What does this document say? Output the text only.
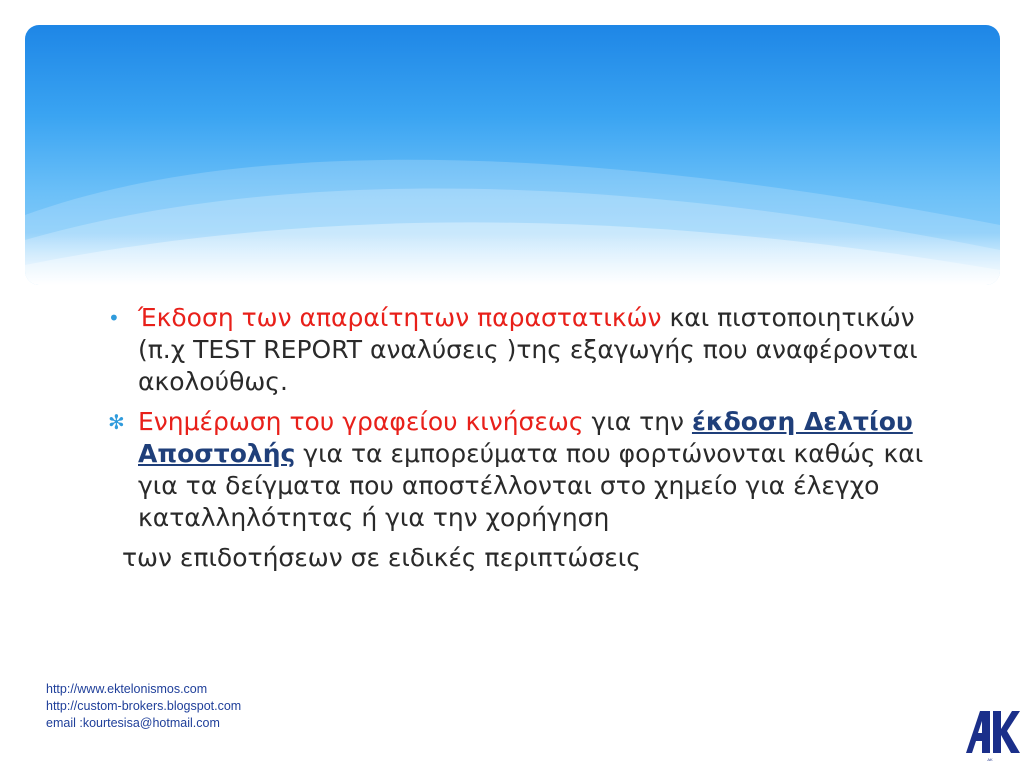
• Έκδοση των απαραίτητων παραστατικών και πιστοποιητικών (π.χ TEST REPORT αναλύσεις )της εξαγωγής που αναφέρονται ακολούθως.
✻ Ενημέρωση του γραφείου κινήσεως για την έκδοση Δελτίου Αποστολής για τα εμπορεύματα που φορτώνονται καθώς και για τα δείγματα που αποστέλλονται στο χημείο για έλεγχο καταλληλότητας ή για την χορήγηση
των επιδοτήσεων σε ειδικές περιπτώσεις
http://www.ektelonismos.com
http://custom-brokers.blogspot.com
email :kourtesisa@hotmail.com
AK
